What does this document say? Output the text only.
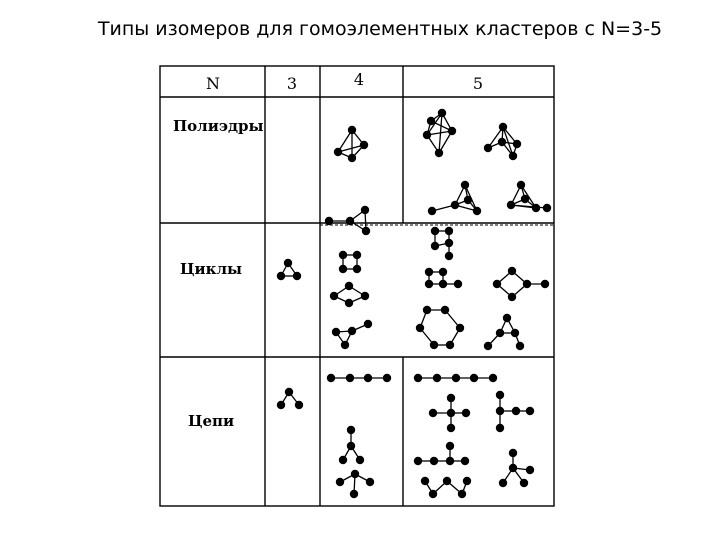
Типы изомеров для гомоэлементных кластеров с N=3-5
N	3	4	5
Полиэдры
Циклы
Цепи
